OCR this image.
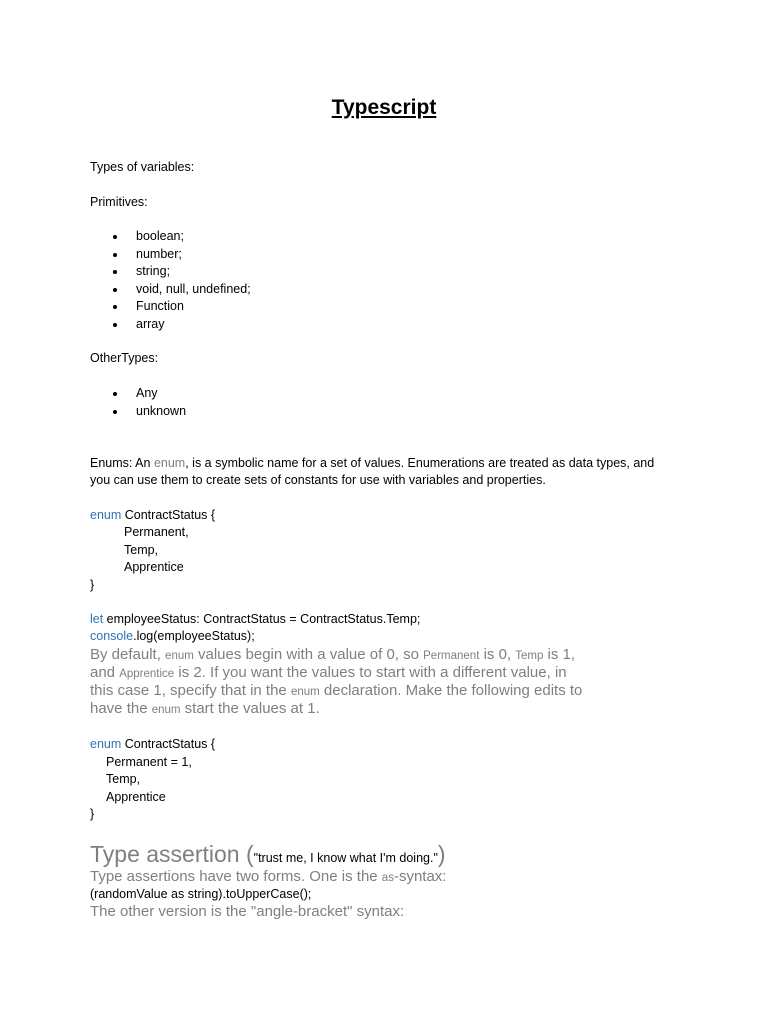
Typescript
Types of variables:
Primitives:
boolean;
number;
string;
void, null, undefined;
Function
array
OtherTypes:
Any
unknown
Enums: An enum, is a symbolic name for a set of values. Enumerations are treated as data types, and
you can use them to create sets of constants for use with variables and properties.
enum ContractStatus {
Permanent,
Temp,
Apprentice
}
let employeeStatus: ContractStatus = ContractStatus.Temp;
console.log(employeeStatus);
By default, enum values begin with a value of 0, so Permanent is 0, Temp is 1,
and Apprentice is 2. If you want the values to start with a different value, in
this case 1, specify that in the enum declaration. Make the following edits to
have the enum start the values at 1.
enum ContractStatus {
Permanent = 1,
Temp,
Apprentice
}
Type assertion ("trust me, I know what I'm doing.")
Type assertions have two forms. One is the as-syntax:
(randomValue as string).toUpperCase();
The other version is the "angle-bracket" syntax:
